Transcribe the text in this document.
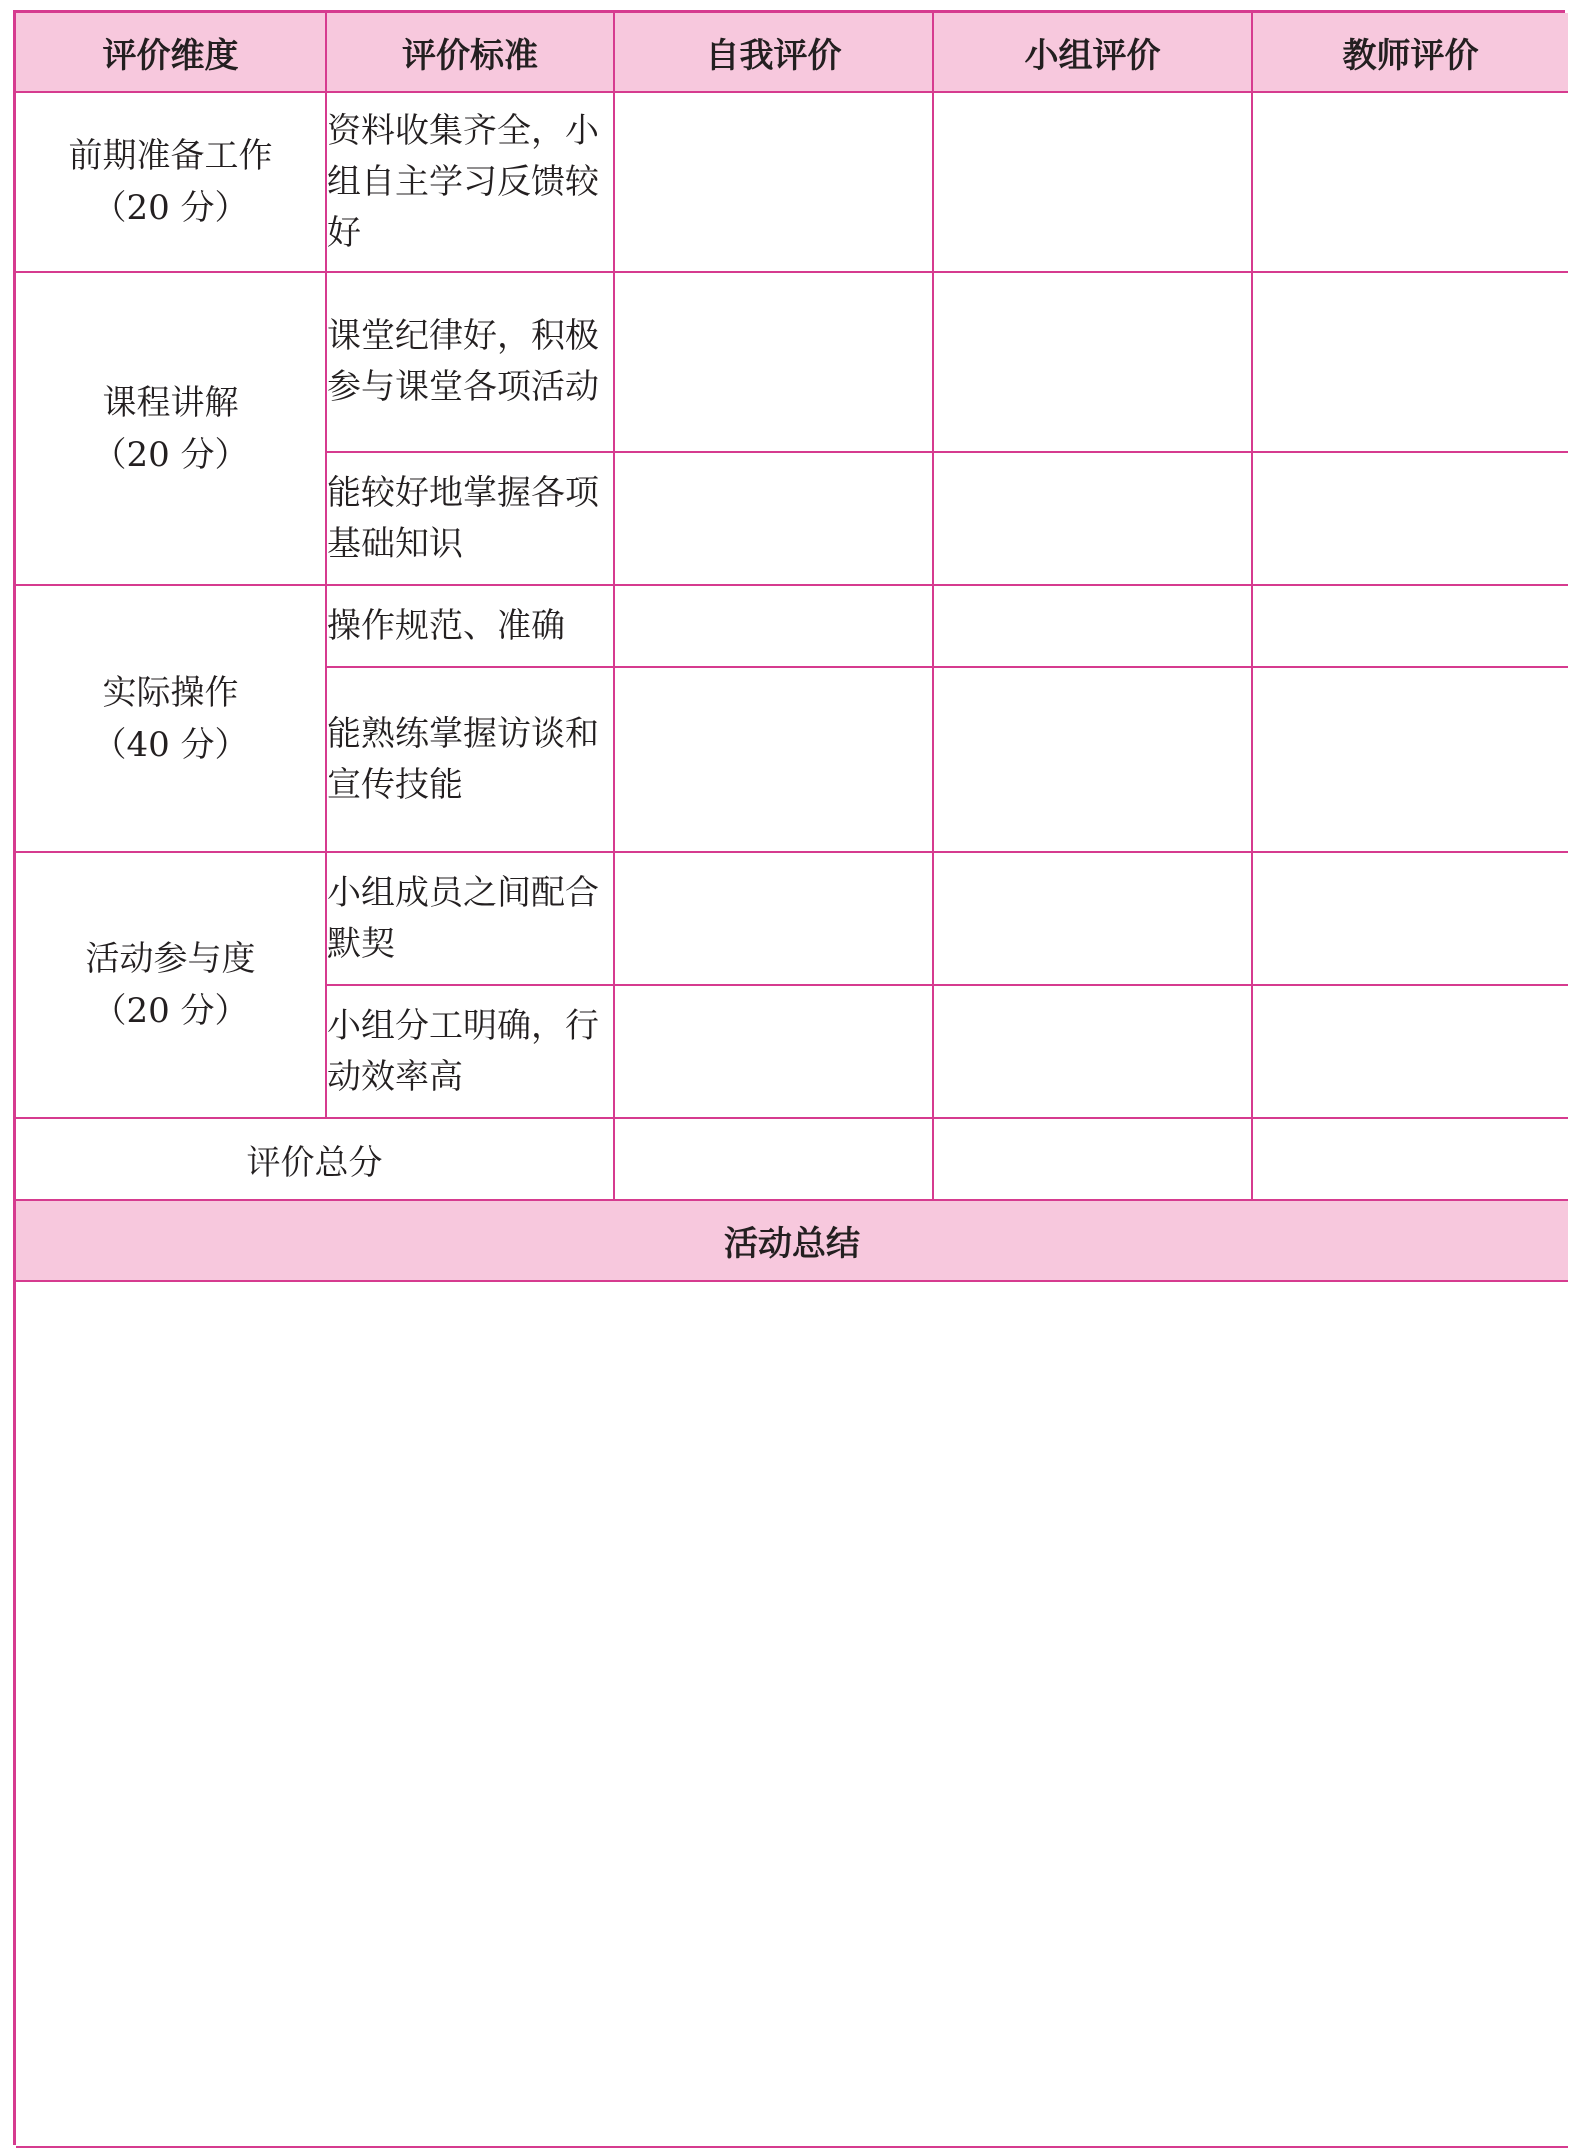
评价维度	评价标准	自我评价	小组评价	教师评价

前期准备工作
（20 分）	资料收集齐全，小组自主学习反馈较好			

课程讲解
（20 分）	课堂纪律好，积极参与课堂各项活动			
	能较好地掌握各项基础知识			

实际操作
（40 分）	操作规范、准确			
	能熟练掌握访谈和宣传技能			

活动参与度
（20 分）	小组成员之间配合默契			
	小组分工明确，行动效率高			
评价总分				
活动总结				
